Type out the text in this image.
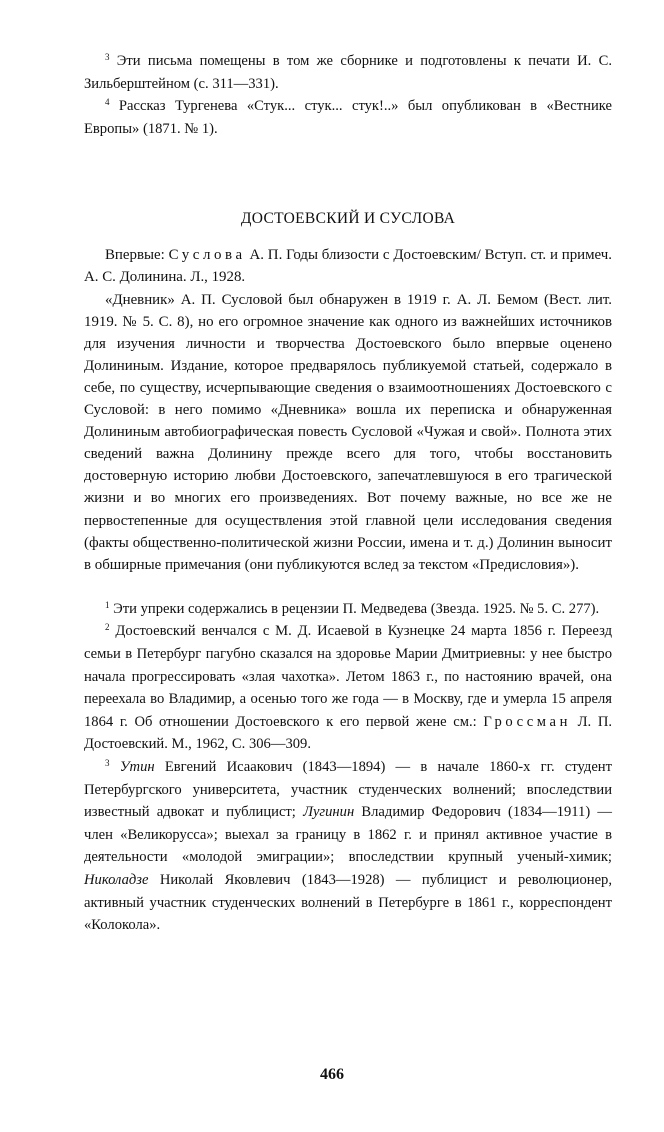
$^3$ Эти письма помещены в том же сборнике и подготовлены к печати И. С. Зильберштейном (с. 311—331).

$^4$ Рассказ Тургенева «Стук... стук... стук!..» был опубликован в «Вестнике Европы» (1871. № 1).

ДОСТОЕВСКИЙ И СУСЛОВА

Впервые: Суслова А. П. Годы близости с Достоевским/ Вступ. ст. и примеч. А. С. Долинина. Л., 1928.

«Дневник» А. П. Сусловой был обнаружен в 1919 г. А. Л. Бемом (Вест. лит. 1919. № 5. С. 8), но его огромное значение как одного из важнейших источников для изучения личности и творчества Достоевского было впервые оценено Долининым. Издание, которое предварялось публикуемой статьей, содержало в себе, по существу, исчерпывающие сведения о взаимоотношениях Достоевского с Сусловой: в него помимо «Дневника» вошла их переписка и обнаруженная Долининым автобиографическая повесть Сусловой «Чужая и свой». Полнота этих сведений важна Долинину прежде всего для того, чтобы восстановить достоверную историю любви Достоевского, запечатлевшуюся в его трагической жизни и во многих его произведениях. Вот почему важные, но все же не первостепенные для осуществления этой главной цели исследования сведения (факты общественно-политической жизни России, имена и т. д.) Долинин выносит в обширные примечания (они публикуются вслед за текстом «Предисловия»).

$^1$ Эти упреки содержались в рецензии П. Медведева (Звезда. 1925. № 5. С. 277).

$^2$ Достоевский венчался с М. Д. Исаевой в Кузнецке 24 марта 1856 г. Переезд семьи в Петербург пагубно сказался на здоровье Марии Дмитриевны: у нее быстро начала прогрессировать «злая чахотка». Летом 1863 г., по настоянию врачей, она переехала во Владимир, а осенью того же года — в Москву, где и умерла 15 апреля 1864 г. Об отношении Достоевского к его первой жене см.: Гроссман Л. П. Достоевский. М., 1962, С. 306—309.

$^3$ Утин Евгений Исаакович (1843—1894) — в начале 1860-х гг. студент Петербургского университета, участник студенческих волнений; впоследствии известный адвокат и публицист; Лугинин Владимир Федорович (1834—1911) — член «Великорусса»; выехал за границу в 1862 г. и принял активное участие в деятельности «молодой эмиграции»; впоследствии крупный ученый-химик; Николадзе Николай Яковлевич (1843—1928) — публицист и революционер, активный участник студенческих волнений в Петербурге в 1861 г., корреспондент «Колокола».

466
